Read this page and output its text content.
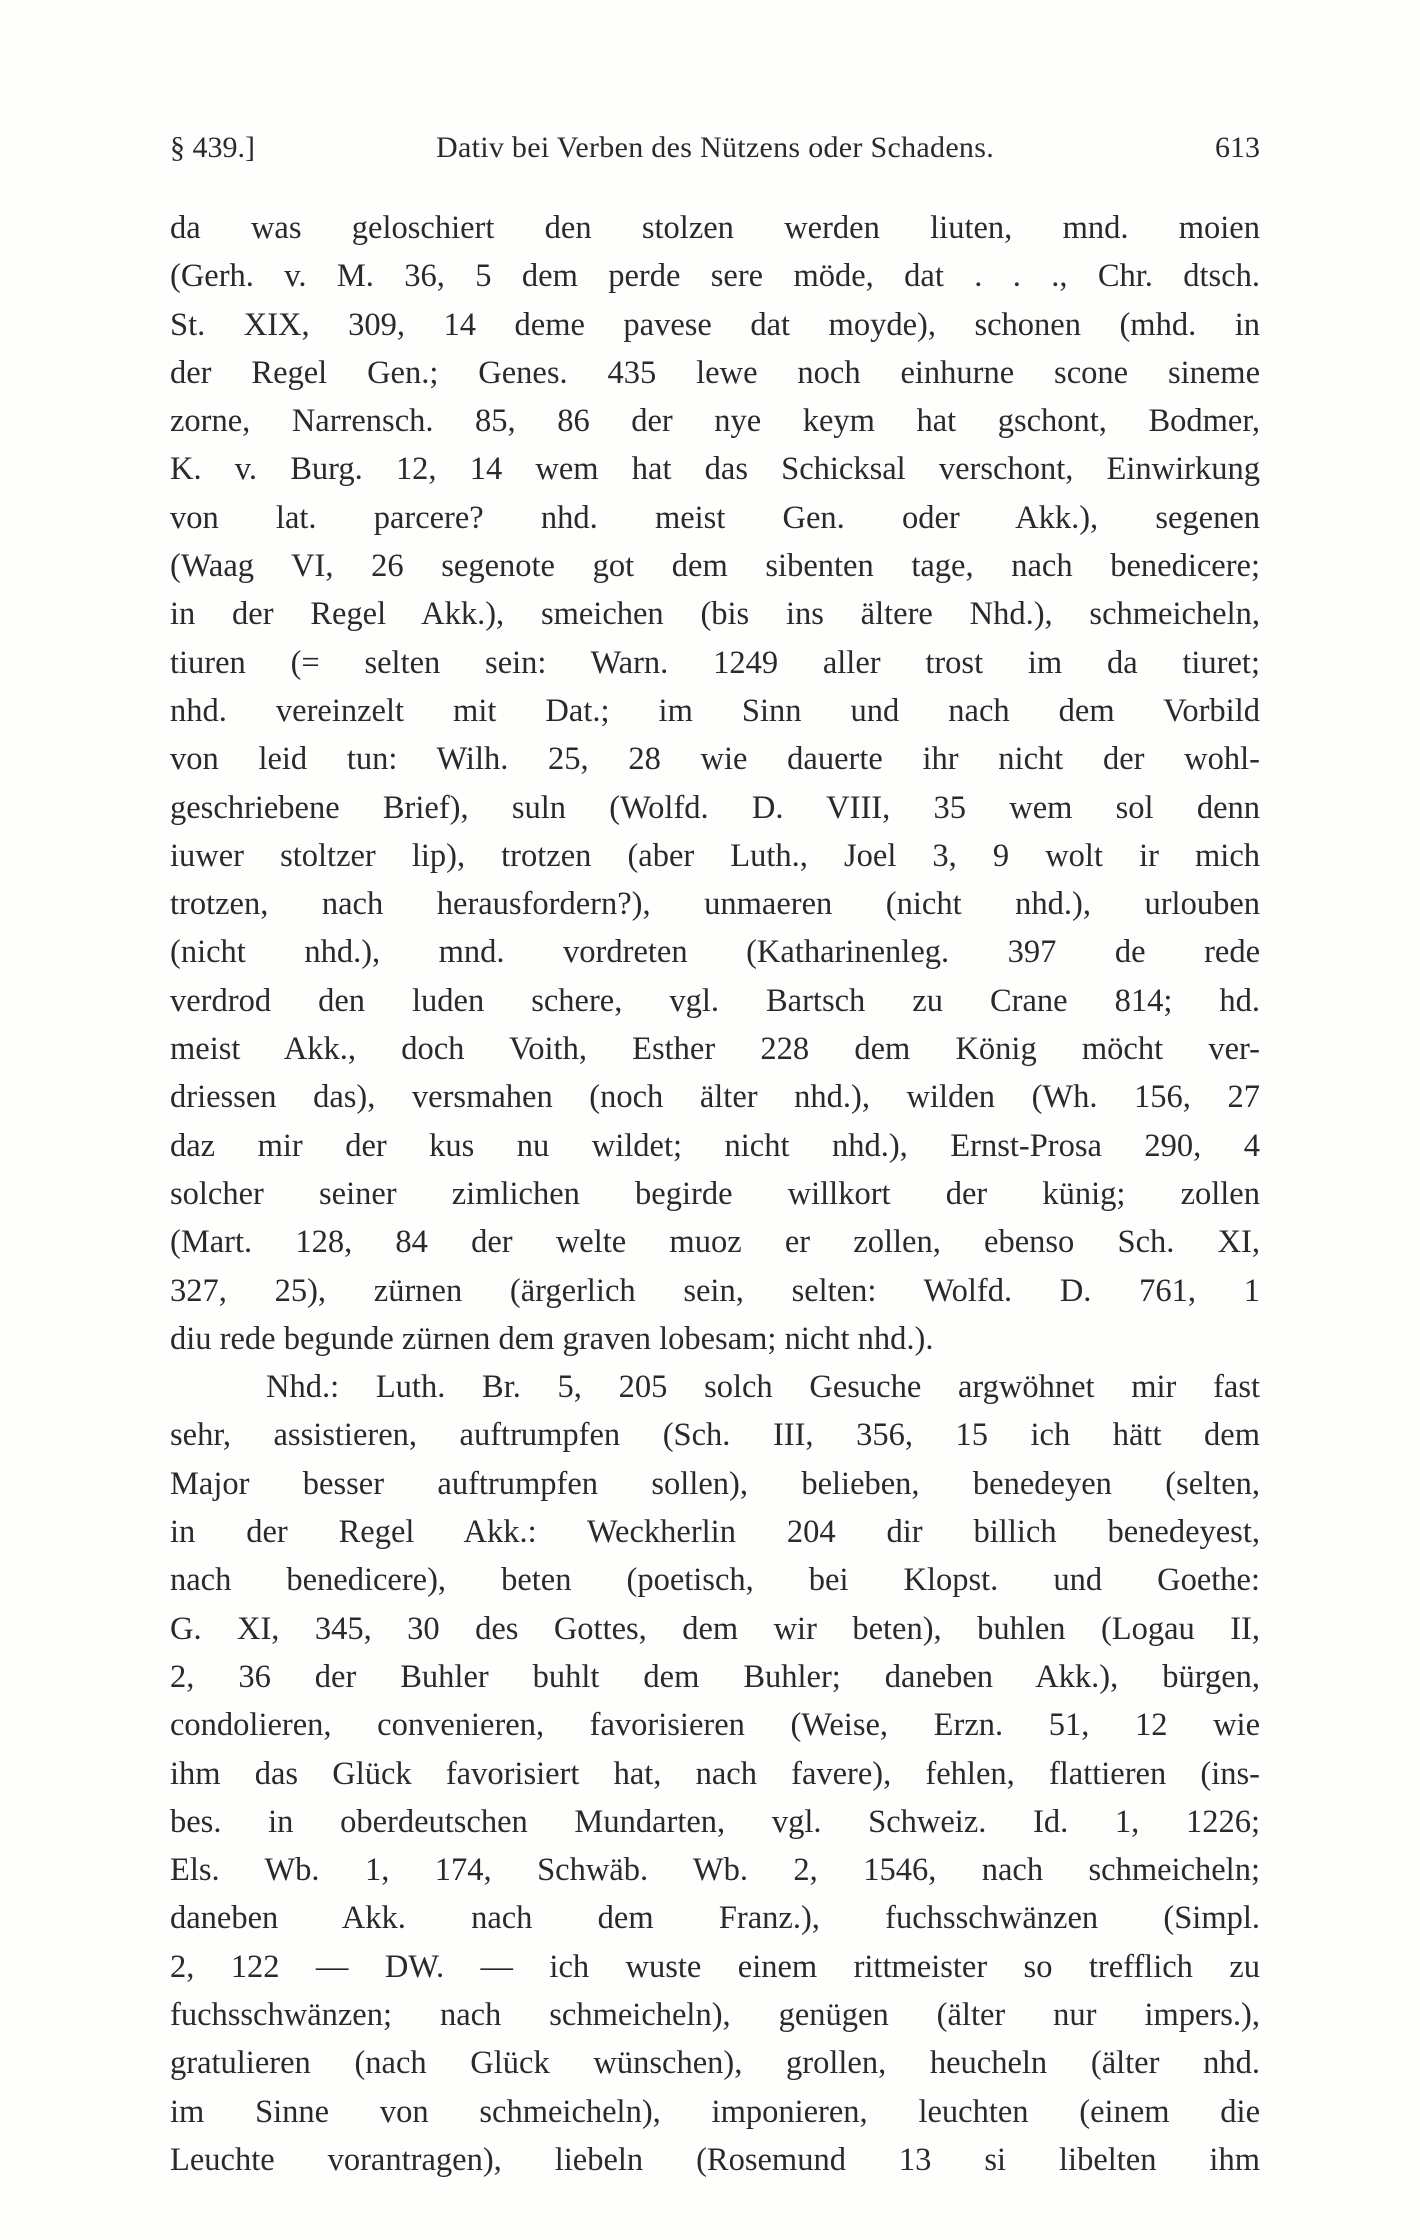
§ 439.]	Dativ bei Verben des Nützens oder Schadens.	613
da was geloschiert den stolzen werden liuten, mnd. moien
(Gerh. v. M. 36, 5 dem perde sere möde, dat . . ., Chr. dtsch.
St. XIX, 309, 14 deme pavese dat moyde), schonen (mhd. in
der Regel Gen.; Genes. 435 lewe noch einhurne scone sineme
zorne, Narrensch. 85, 86 der nye keym hat gschont, Bodmer,
K. v. Burg. 12, 14 wem hat das Schicksal verschont, Einwirkung
von lat. parcere? nhd. meist Gen. oder Akk.), segenen
(Waag VI, 26 segenote got dem sibenten tage, nach benedicere;
in der Regel Akk.), smeichen (bis ins ältere Nhd.), schmeicheln,
tiuren (= selten sein: Warn. 1249 aller trost im da tiuret;
nhd. vereinzelt mit Dat.; im Sinn und nach dem Vorbild
von leid tun: Wilh. 25, 28 wie dauerte ihr nicht der wohl-
geschriebene Brief), suln (Wolfd. D. VIII, 35 wem sol denn
iuwer stoltzer lip), trotzen (aber Luth., Joel 3, 9 wolt ir mich
trotzen, nach herausfordern?), unmaeren (nicht nhd.), urlouben
(nicht nhd.), mnd. vordreten (Katharinenleg. 397 de rede
verdrod den luden schere, vgl. Bartsch zu Crane 814; hd.
meist Akk., doch Voith, Esther 228 dem König möcht ver-
driessen das), versmahen (noch älter nhd.), wilden (Wh. 156, 27
daz mir der kus nu wildet; nicht nhd.), Ernst-Prosa 290, 4
solcher seiner zimlichen begirde willkort der künig; zollen
(Mart. 128, 84 der welte muoz er zollen, ebenso Sch. XI,
327, 25), zürnen (ärgerlich sein, selten: Wolfd. D. 761, 1
diu rede begunde zürnen dem graven lobesam; nicht nhd.).
Nhd.: Luth. Br. 5, 205 solch Gesuche argwöhnet mir fast
sehr, assistieren, auftrumpfen (Sch. III, 356, 15 ich hätt dem
Major besser auftrumpfen sollen), belieben, benedeyen (selten,
in der Regel Akk.: Weckherlin 204 dir billich benedeyest,
nach benedicere), beten (poetisch, bei Klopst. und Goethe:
G. XI, 345, 30 des Gottes, dem wir beten), buhlen (Logau II,
2, 36 der Buhler buhlt dem Buhler; daneben Akk.), bürgen,
condolieren, convenieren, favorisieren (Weise, Erzn. 51, 12 wie
ihm das Glück favorisiert hat, nach favere), fehlen, flattieren (ins-
bes. in oberdeutschen Mundarten, vgl. Schweiz. Id. 1, 1226;
Els. Wb. 1, 174, Schwäb. Wb. 2, 1546, nach schmeicheln;
daneben Akk. nach dem Franz.), fuchsschwänzen (Simpl.
2, 122 — DW. — ich wuste einem rittmeister so trefflich zu
fuchsschwänzen; nach schmeicheln), genügen (älter nur impers.),
gratulieren (nach Glück wünschen), grollen, heucheln (älter nhd.
im Sinne von schmeicheln), imponieren, leuchten (einem die
Leuchte vorantragen), liebeln (Rosemund 13 si libelten ihm
